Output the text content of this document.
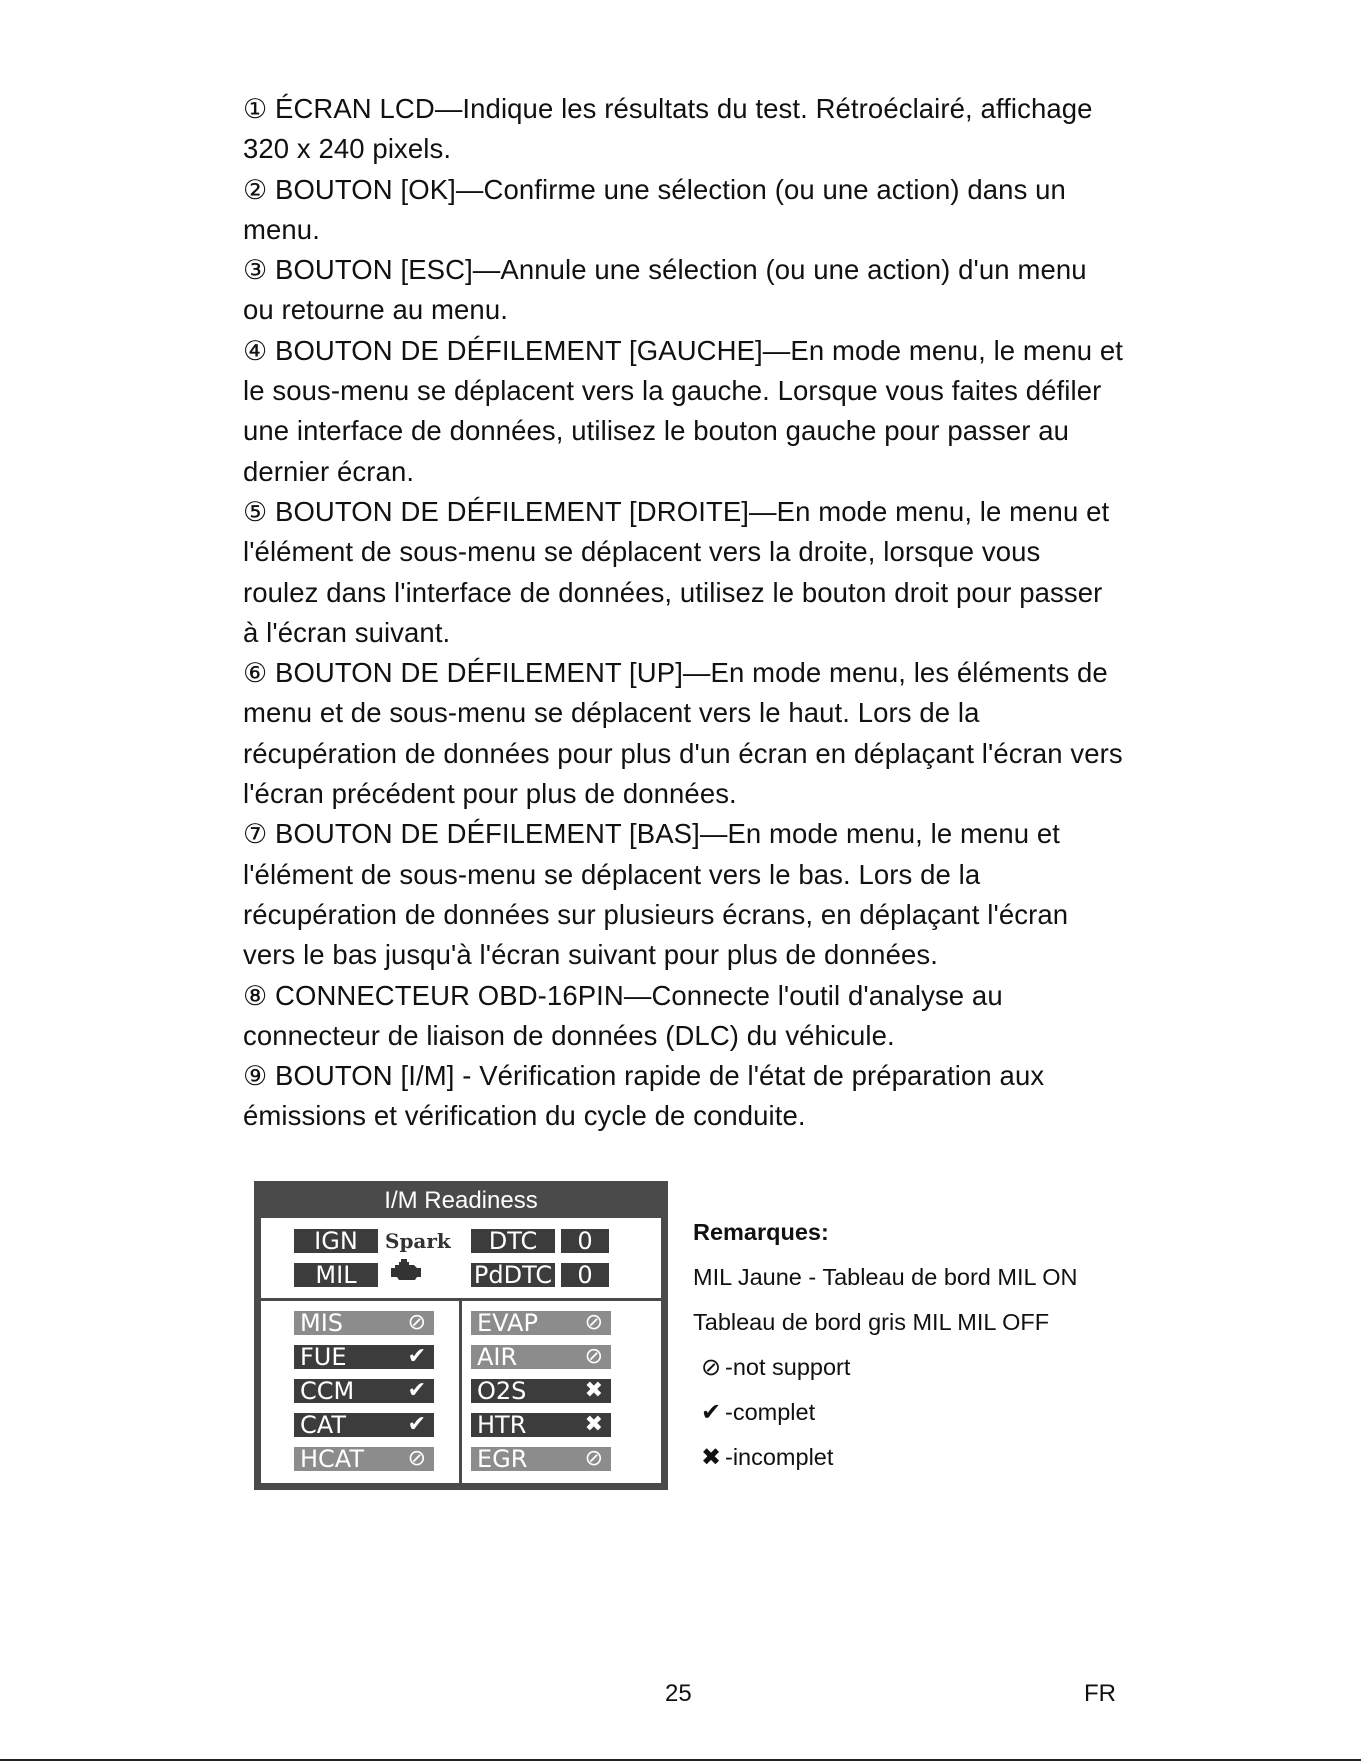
① ÉCRAN LCD—Indique les résultats du test. Rétroéclairé, affichage 320 x 240 pixels.

② BOUTON [OK]—Confirme une sélection (ou une action) dans un menu.

③ BOUTON [ESC]—Annule une sélection (ou une action) d'un menu ou retourne au menu.

④ BOUTON DE DÉFILEMENT [GAUCHE]—En mode menu, le menu et le sous-menu se déplacent vers la gauche. Lorsque vous faites défiler une interface de données, utilisez le bouton gauche pour passer au dernier écran.

⑤ BOUTON DE DÉFILEMENT [DROITE]—En mode menu, le menu et l'élément de sous-menu se déplacent vers la droite, lorsque vous roulez dans l'interface de données, utilisez le bouton droit pour passer à l'écran suivant.

⑥ BOUTON DE DÉFILEMENT [UP]—En mode menu, les éléments de menu et de sous-menu se déplacent vers le haut. Lors de la récupération de données pour plus d'un écran en déplaçant l'écran vers l'écran précédent pour plus de données.

⑦ BOUTON DE DÉFILEMENT [BAS]—En mode menu, le menu et l'élément de sous-menu se déplacent vers le bas. Lors de la récupération de données sur plusieurs écrans, en déplaçant l'écran vers le bas jusqu'à l'écran suivant pour plus de données.

⑧ CONNECTEUR OBD-16PIN—Connecte l'outil d'analyse au connecteur de liaison de données (DLC) du véhicule.

⑨ BOUTON [I/M] - Vérification rapide de l'état de préparation aux émissions et vérification du cycle de conduite.

I/M Readiness
IGN	Spark	DTC	0
MIL	PdDTC	0
MIS	⊘
FUE	✔
CCM ✔
CAT	✔
HCAT ⊘
EVAP ⊘
AIR	⊘
O2S	✖
HTR	✖
EGR	⊘
Remarques:
MIL Jaune - Tableau de bord MIL ON
Tableau de bord gris MIL MIL OFF
⊘ -not support
✔ -complet
✖ -incomplet
25	FR
